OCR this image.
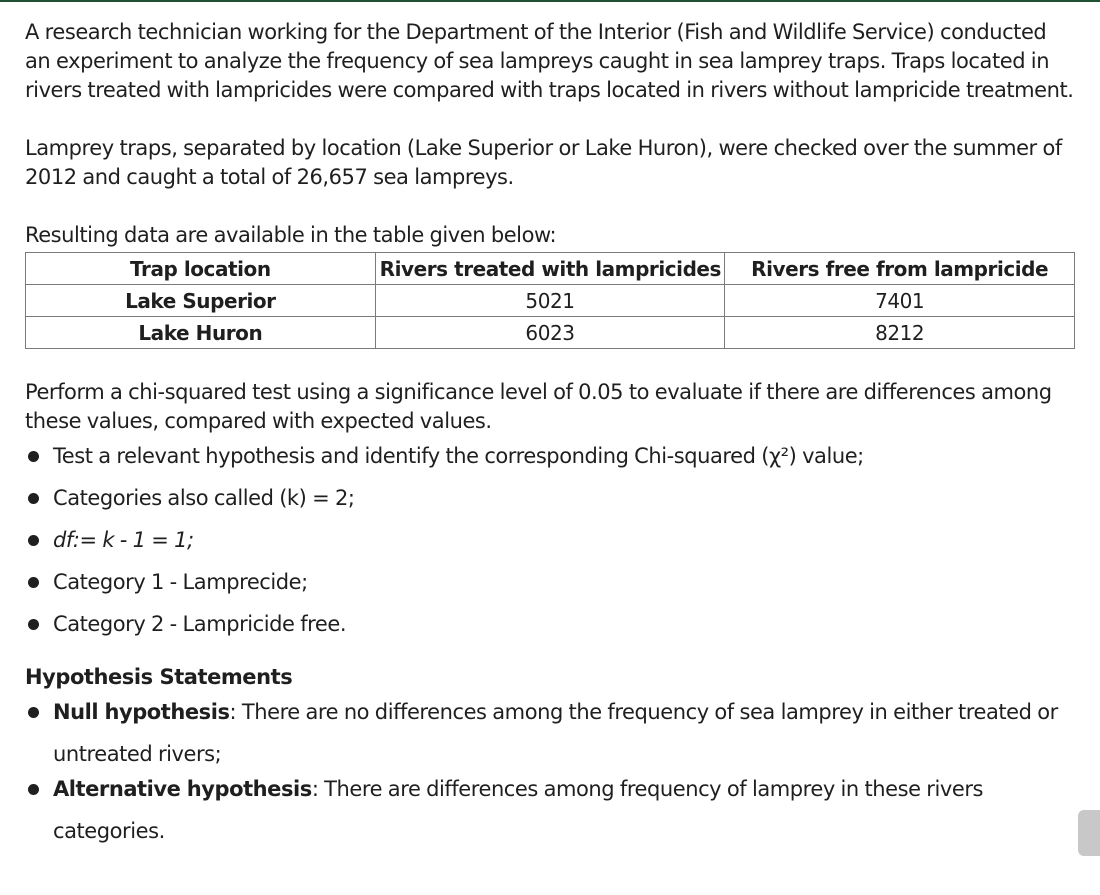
A research technician working for the Department of the Interior (Fish and Wildlife Service) conducted an experiment to analyze the frequency of sea lampreys caught in sea lamprey traps. Traps located in rivers treated with lampricides were compared with traps located in rivers without lampricide treatment.

Lamprey traps, separated by location (Lake Superior or Lake Huron), were checked over the summer of 2012 and caught a total of 26,657 sea lampreys.

Resulting data are available in the table given below:

Trap location	Rivers treated with lampricides	Rivers free from lampricide
Lake Superior	5021	7401
Lake Huron	6023	8212

Perform a chi-squared test using a significance level of 0.05 to evaluate if there are differences among these values, compared with expected values.

Test a relevant hypothesis and identify the corresponding Chi-squared (χ²) value;
Categories also called (k) = 2;
df:= k - 1 = 1;
Category 1 - Lamprecide;
Category 2 - Lampricide free.
Hypothesis Statements
Null hypothesis: There are no differences among the frequency of sea lamprey in either treated or untreated rivers;
Alternative hypothesis: There are differences among frequency of lamprey in these rivers categories.
